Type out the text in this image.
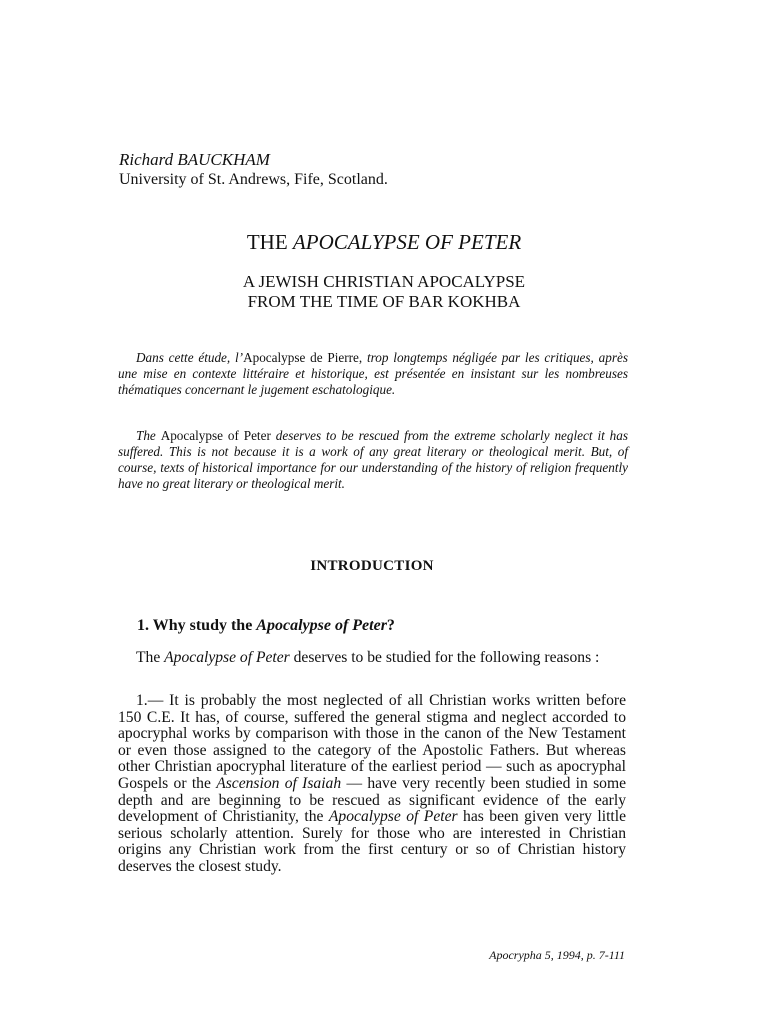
Richard BAUCKHAM
University of St. Andrews, Fife, Scotland.
THE APOCALYPSE OF PETER
A JEWISH CHRISTIAN APOCALYPSE
FROM THE TIME OF BAR KOKHBA

Dans cette étude, l’Apocalypse de Pierre, trop longtemps négligée par les critiques, après une mise en contexte littéraire et historique, est présentée en insistant sur les nombreuses thématiques concernant le jugement eschatologique.

The Apocalypse of Peter deserves to be rescued from the extreme scholarly neglect it has suffered. This is not because it is a work of any great literary or theological merit. But, of course, texts of historical importance for our understanding of the history of religion frequently have no great literary or theological merit.

INTRODUCTION
1. Why study the Apocalypse of Peter?

The Apocalypse of Peter deserves to be studied for the following reasons :

1.— It is probably the most neglected of all Christian works written before 150 C.E. It has, of course, suffered the general stigma and neglect accorded to apocryphal works by comparison with those in the canon of the New Testament or even those assigned to the category of the Apostolic Fathers. But whereas other Christian apocryphal literature of the earliest period — such as apocryphal Gospels or the Ascension of Isaiah — have very recently been studied in some depth and are beginning to be rescued as significant evidence of the early development of Christianity, the Apocalypse of Peter has been given very little serious scholarly attention. Surely for those who are interested in Christian origins any Christian work from the first century or so of Christian history deserves the closest study.

Apocrypha 5, 1994, p. 7-111
